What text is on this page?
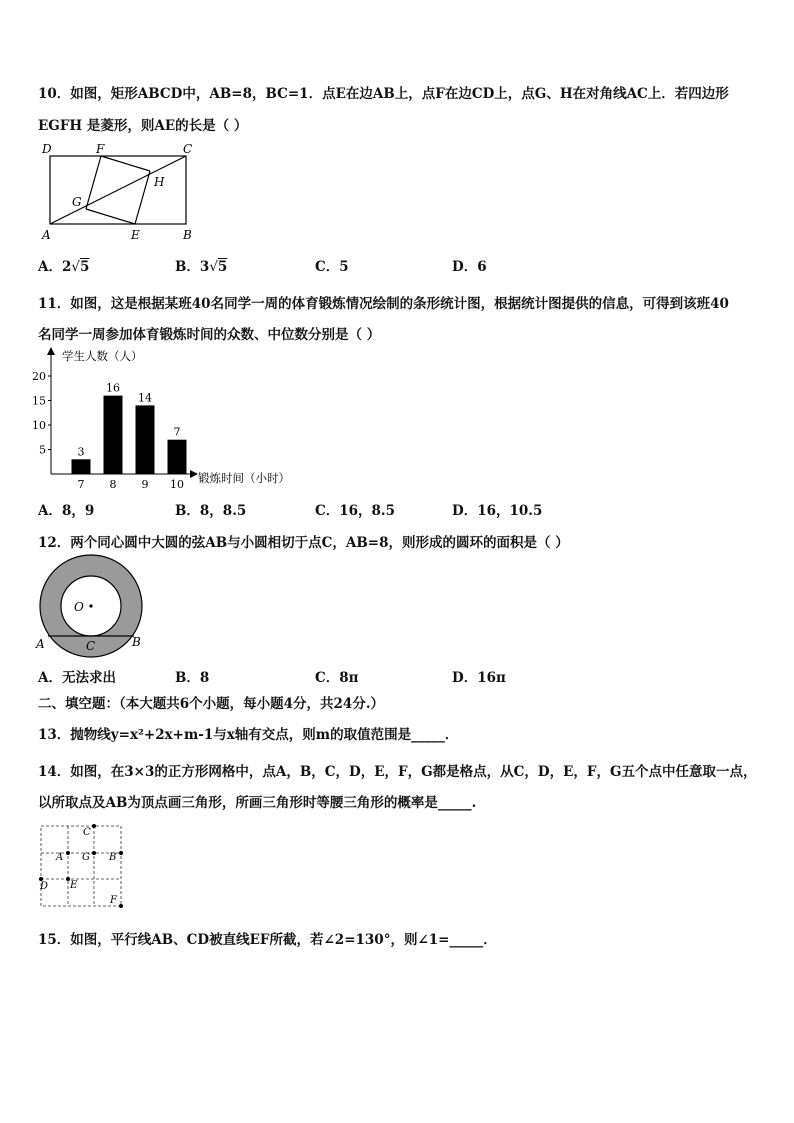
10．如图，矩形ABCD中，AB=8，BC=1．点E在边AB上，点F在边CD上，点G、H在对角线AC上．若四边形
EGFH 是菱形，则AE的长是（ ）
D	F	C
H
G
A	E	B
A．2√5	B．3√5	C．5	D．6
11．如图，这是根据某班40名同学一周的体育锻炼情况绘制的条形统计图，根据统计图提供的信息，可得到该班40
名同学一周参加体育锻炼时间的众数、中位数分别是（ ）
学生人数（人）
锻炼时间（小时）
5
10
15
20
3
7
16
8
14
9
7
10
A．8，9	B．8，8.5	C．16，8.5	D．16，10.5
12．两个同心圆中大圆的弦AB与小圆相切于点C，AB=8，则形成的圆环的面积是（ ）
O
A	C	B
A．无法求出	B．8	C．8π	D．16π
二、填空题：（本大题共6个小题，每小题4分，共24分.）
13．抛物线y=x²+2x+m-1与x轴有交点，则m的取值范围是_____．
14．如图，在3×3的正方形网格中，点A，B，C，D，E，F，G都是格点，从C，D，E，F，G五个点中任意取一点，
以所取点及AB为顶点画三角形，所画三角形时等腰三角形的概率是_____.
C
A G B
D E
F
15．如图，平行线AB、CD被直线EF所截，若∠2=130°，则∠1=_____．
